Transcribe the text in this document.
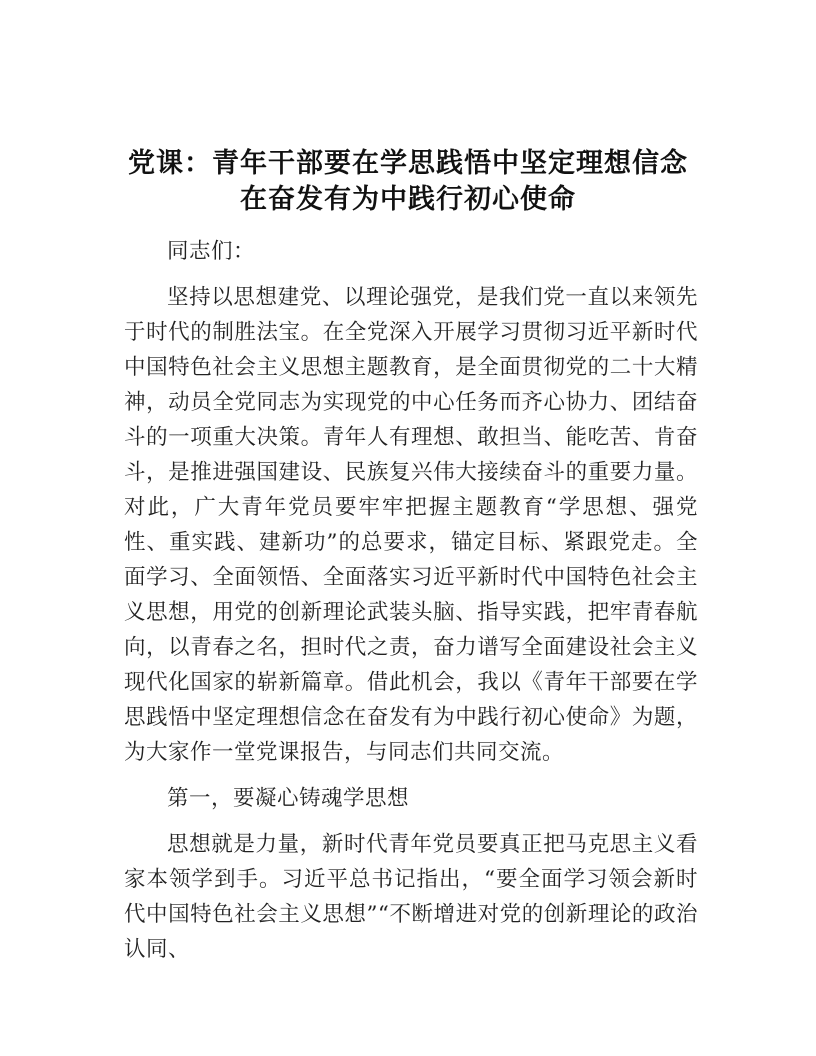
党课：青年干部要在学思践悟中坚定理想信念
在奋发有为中践行初心使命

同志们：

坚持以思想建党、以理论强党，是我们党一直以来领先于时代的制胜法宝。在全党深入开展学习贯彻习近平新时代中国特色社会主义思想主题教育，是全面贯彻党的二十大精神，动员全党同志为实现党的中心任务而齐心协力、团结奋斗的一项重大决策。青年人有理想、敢担当、能吃苦、肯奋斗，是推进强国建设、民族复兴伟大接续奋斗的重要力量。对此，广大青年党员要牢牢把握主题教育“学思想、强党性、重实践、建新功”的总要求，锚定目标、紧跟党走。全面学习、全面领悟、全面落实习近平新时代中国特色社会主义思想，用党的创新理论武装头脑、指导实践，把牢青春航向，以青春之名，担时代之责，奋力谱写全面建设社会主义现代化国家的崭新篇章。借此机会，我以《青年干部要在学思践悟中坚定理想信念在奋发有为中践行初心使命》为题，为大家作一堂党课报告，与同志们共同交流。

第一，要凝心铸魂学思想

思想就是力量，新时代青年党员要真正把马克思主义看家本领学到手。习近平总书记指出，“要全面学习领会新时代中国特色社会主义思想”“不断增进对党的创新理论的政治认同、
